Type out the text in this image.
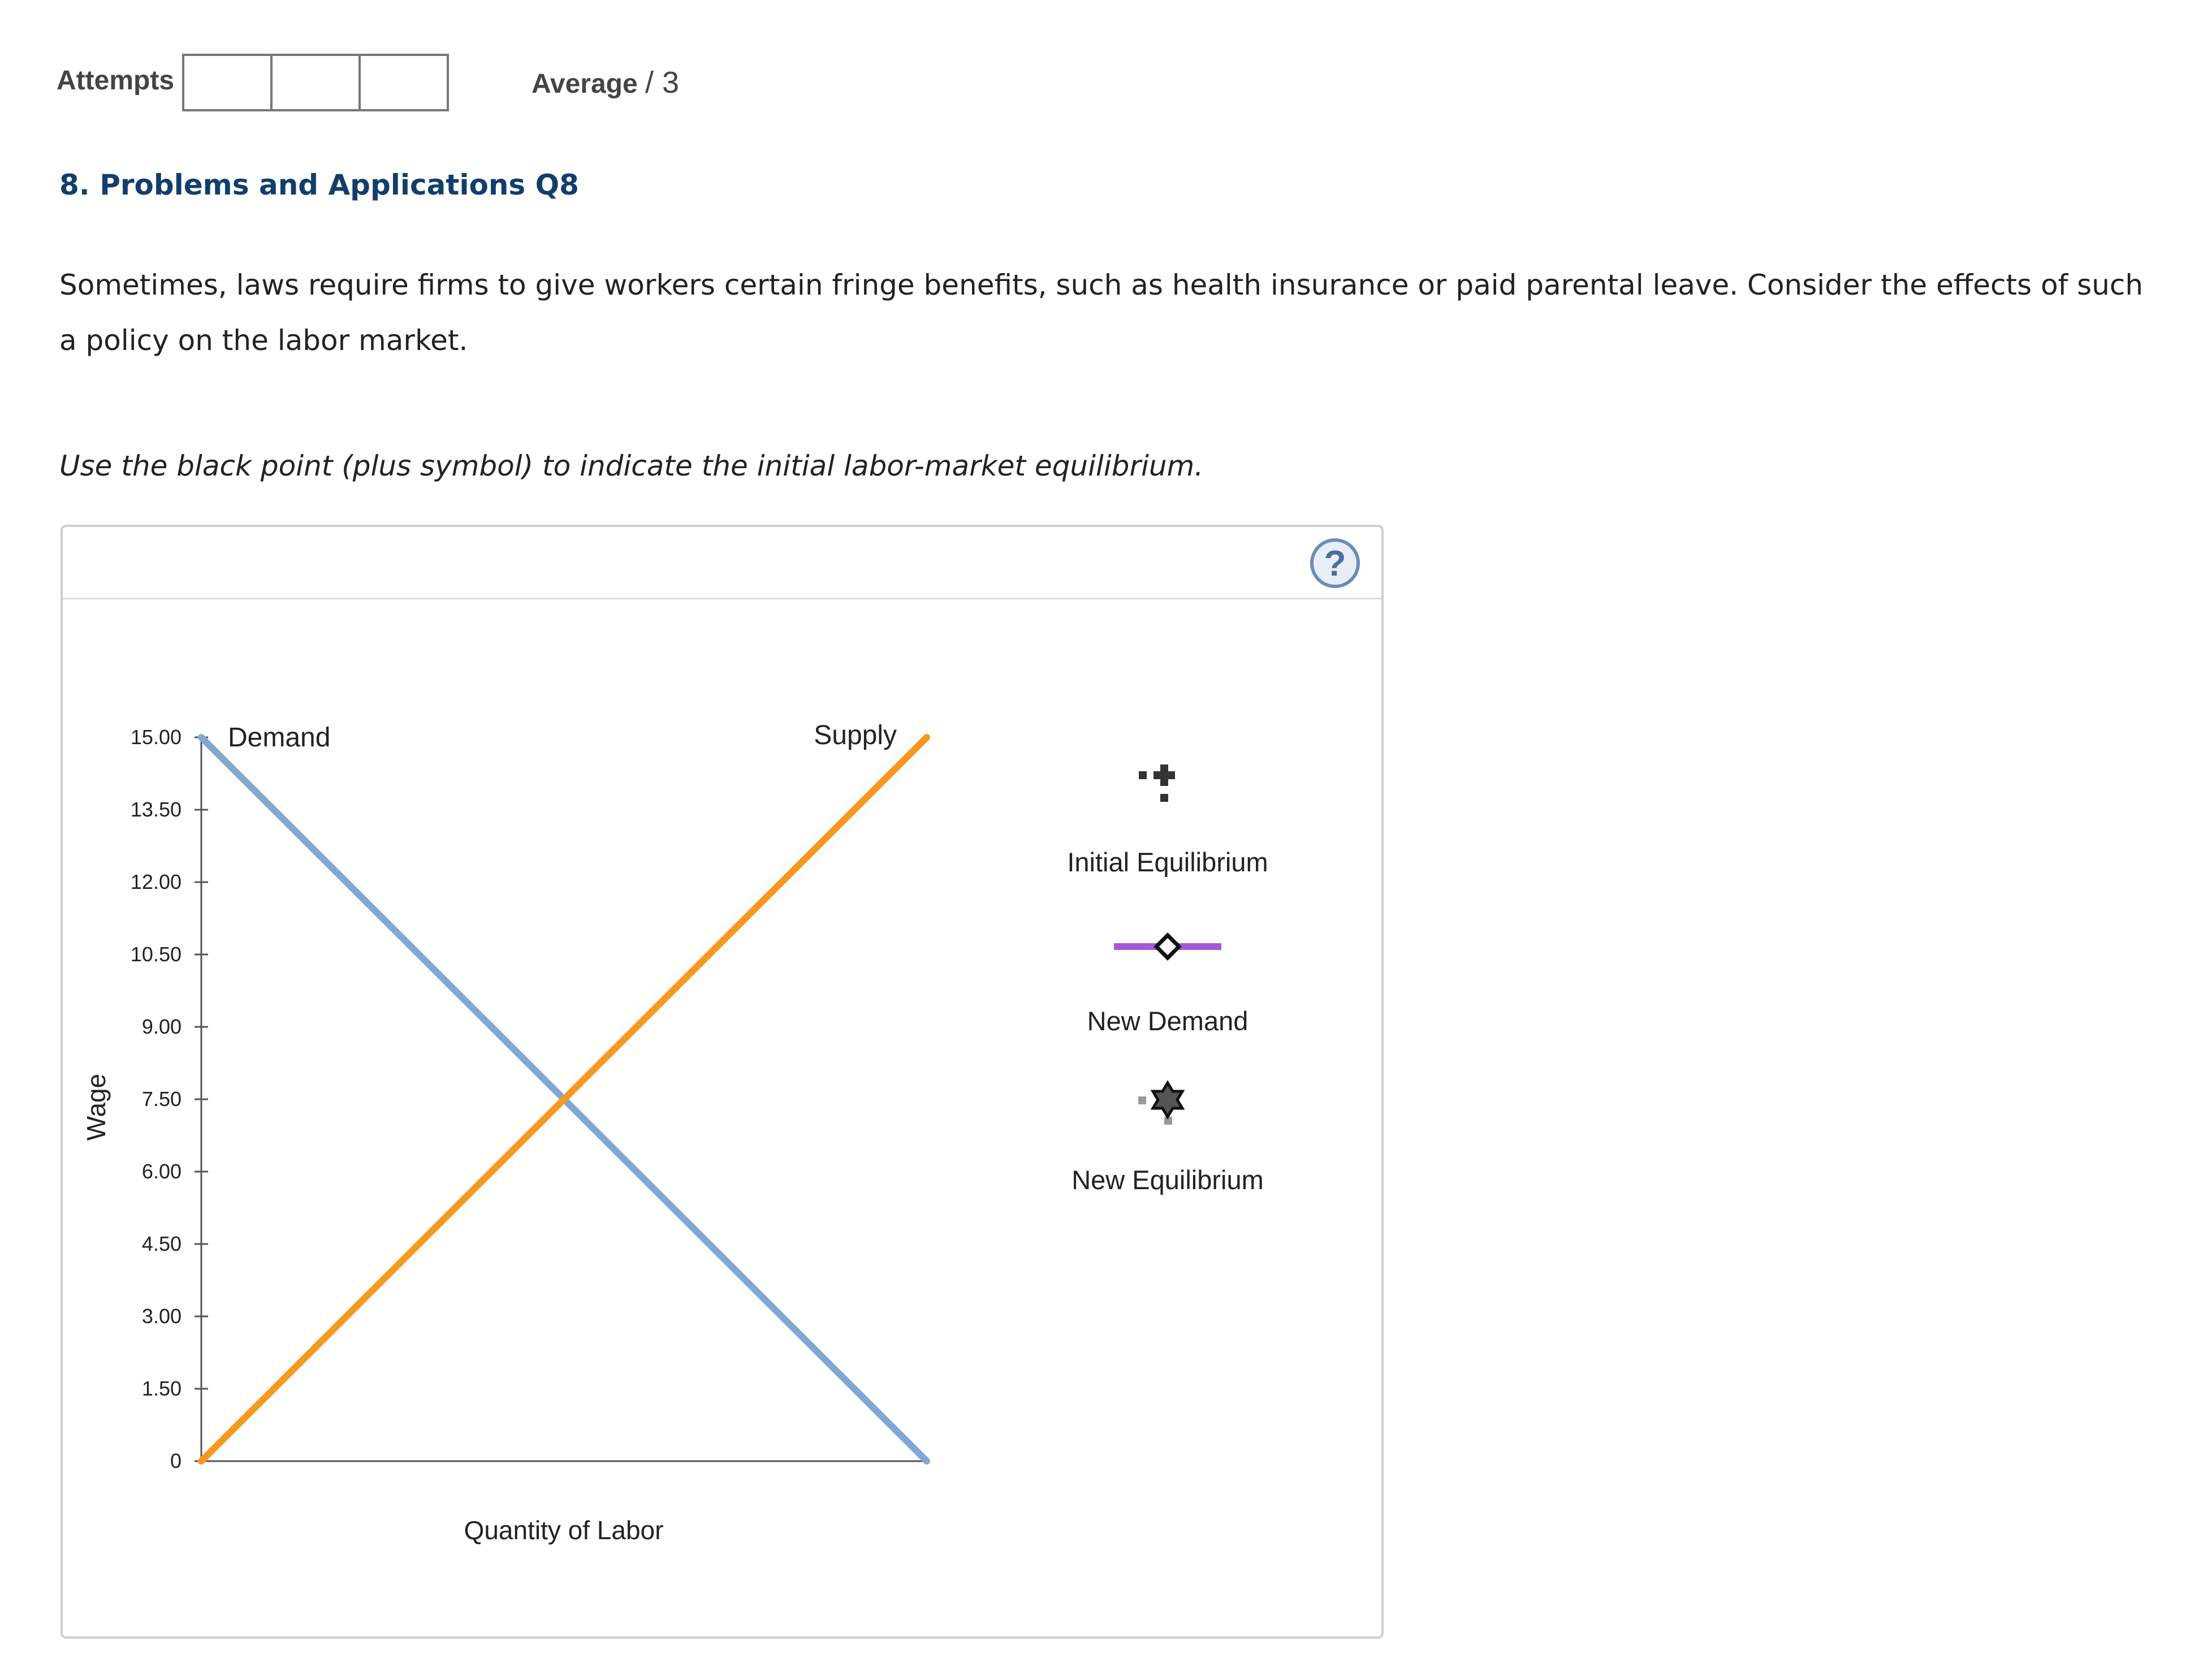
Attempts	Average / 3
8. Problems and Applications Q8
Sometimes, laws require firms to give workers certain fringe benefits, such as health insurance or paid parental leave. Consider the effects of such a policy on the labor market.
Use the black point (plus symbol) to indicate the initial labor-market equilibrium.
?
0
1.50
3.00
4.50
6.00
7.50
9.00
10.50
12.00
13.50
15.00 Demand	Supply
Quantity of Labor
Wage
Initial Equilibrium
New Demand
New Equilibrium
